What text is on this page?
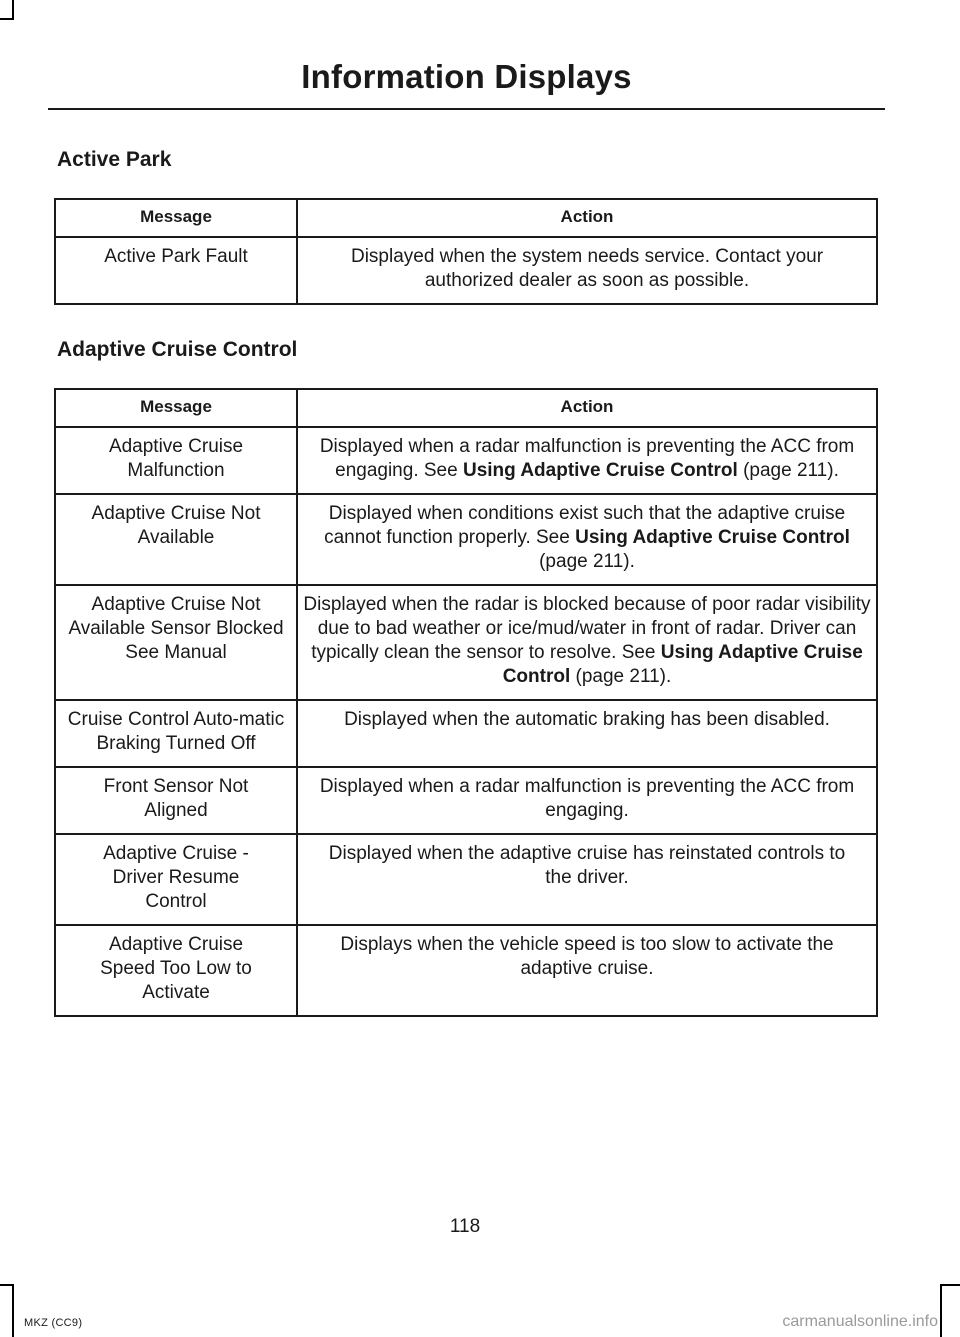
Information Displays
Active Park
Message	Action
Active Park Fault	Displayed when the system needs service. Contact your authorized dealer as soon as possible.
Adaptive Cruise Control
Message	Action
Adaptive Cruise Malfunction	Displayed when a radar malfunction is preventing the ACC from engaging. See Using Adaptive Cruise Control (page 211).
Adaptive Cruise Not Available	Displayed when conditions exist such that the adaptive cruise cannot function properly. See Using Adaptive Cruise Control (page 211).
Adaptive Cruise Not Available Sensor Blocked See Manual	Displayed when the radar is blocked because of poor radar visibility due to bad weather or ice/mud/water in front of radar. Driver can typically clean the sensor to resolve. See Using Adaptive Cruise Control (page 211).
Cruise Control Auto-matic Braking Turned Off	Displayed when the automatic braking has been disabled.
Front Sensor Not Aligned	Displayed when a radar malfunction is preventing the ACC from engaging.
Adaptive Cruise - Driver Resume Control	Displayed when the adaptive cruise has reinstated controls to the driver.
Adaptive Cruise Speed Too Low to Activate	Displays when the vehicle speed is too slow to activate the adaptive cruise.
118
MKZ (CC9)	carmanualsonline.info
